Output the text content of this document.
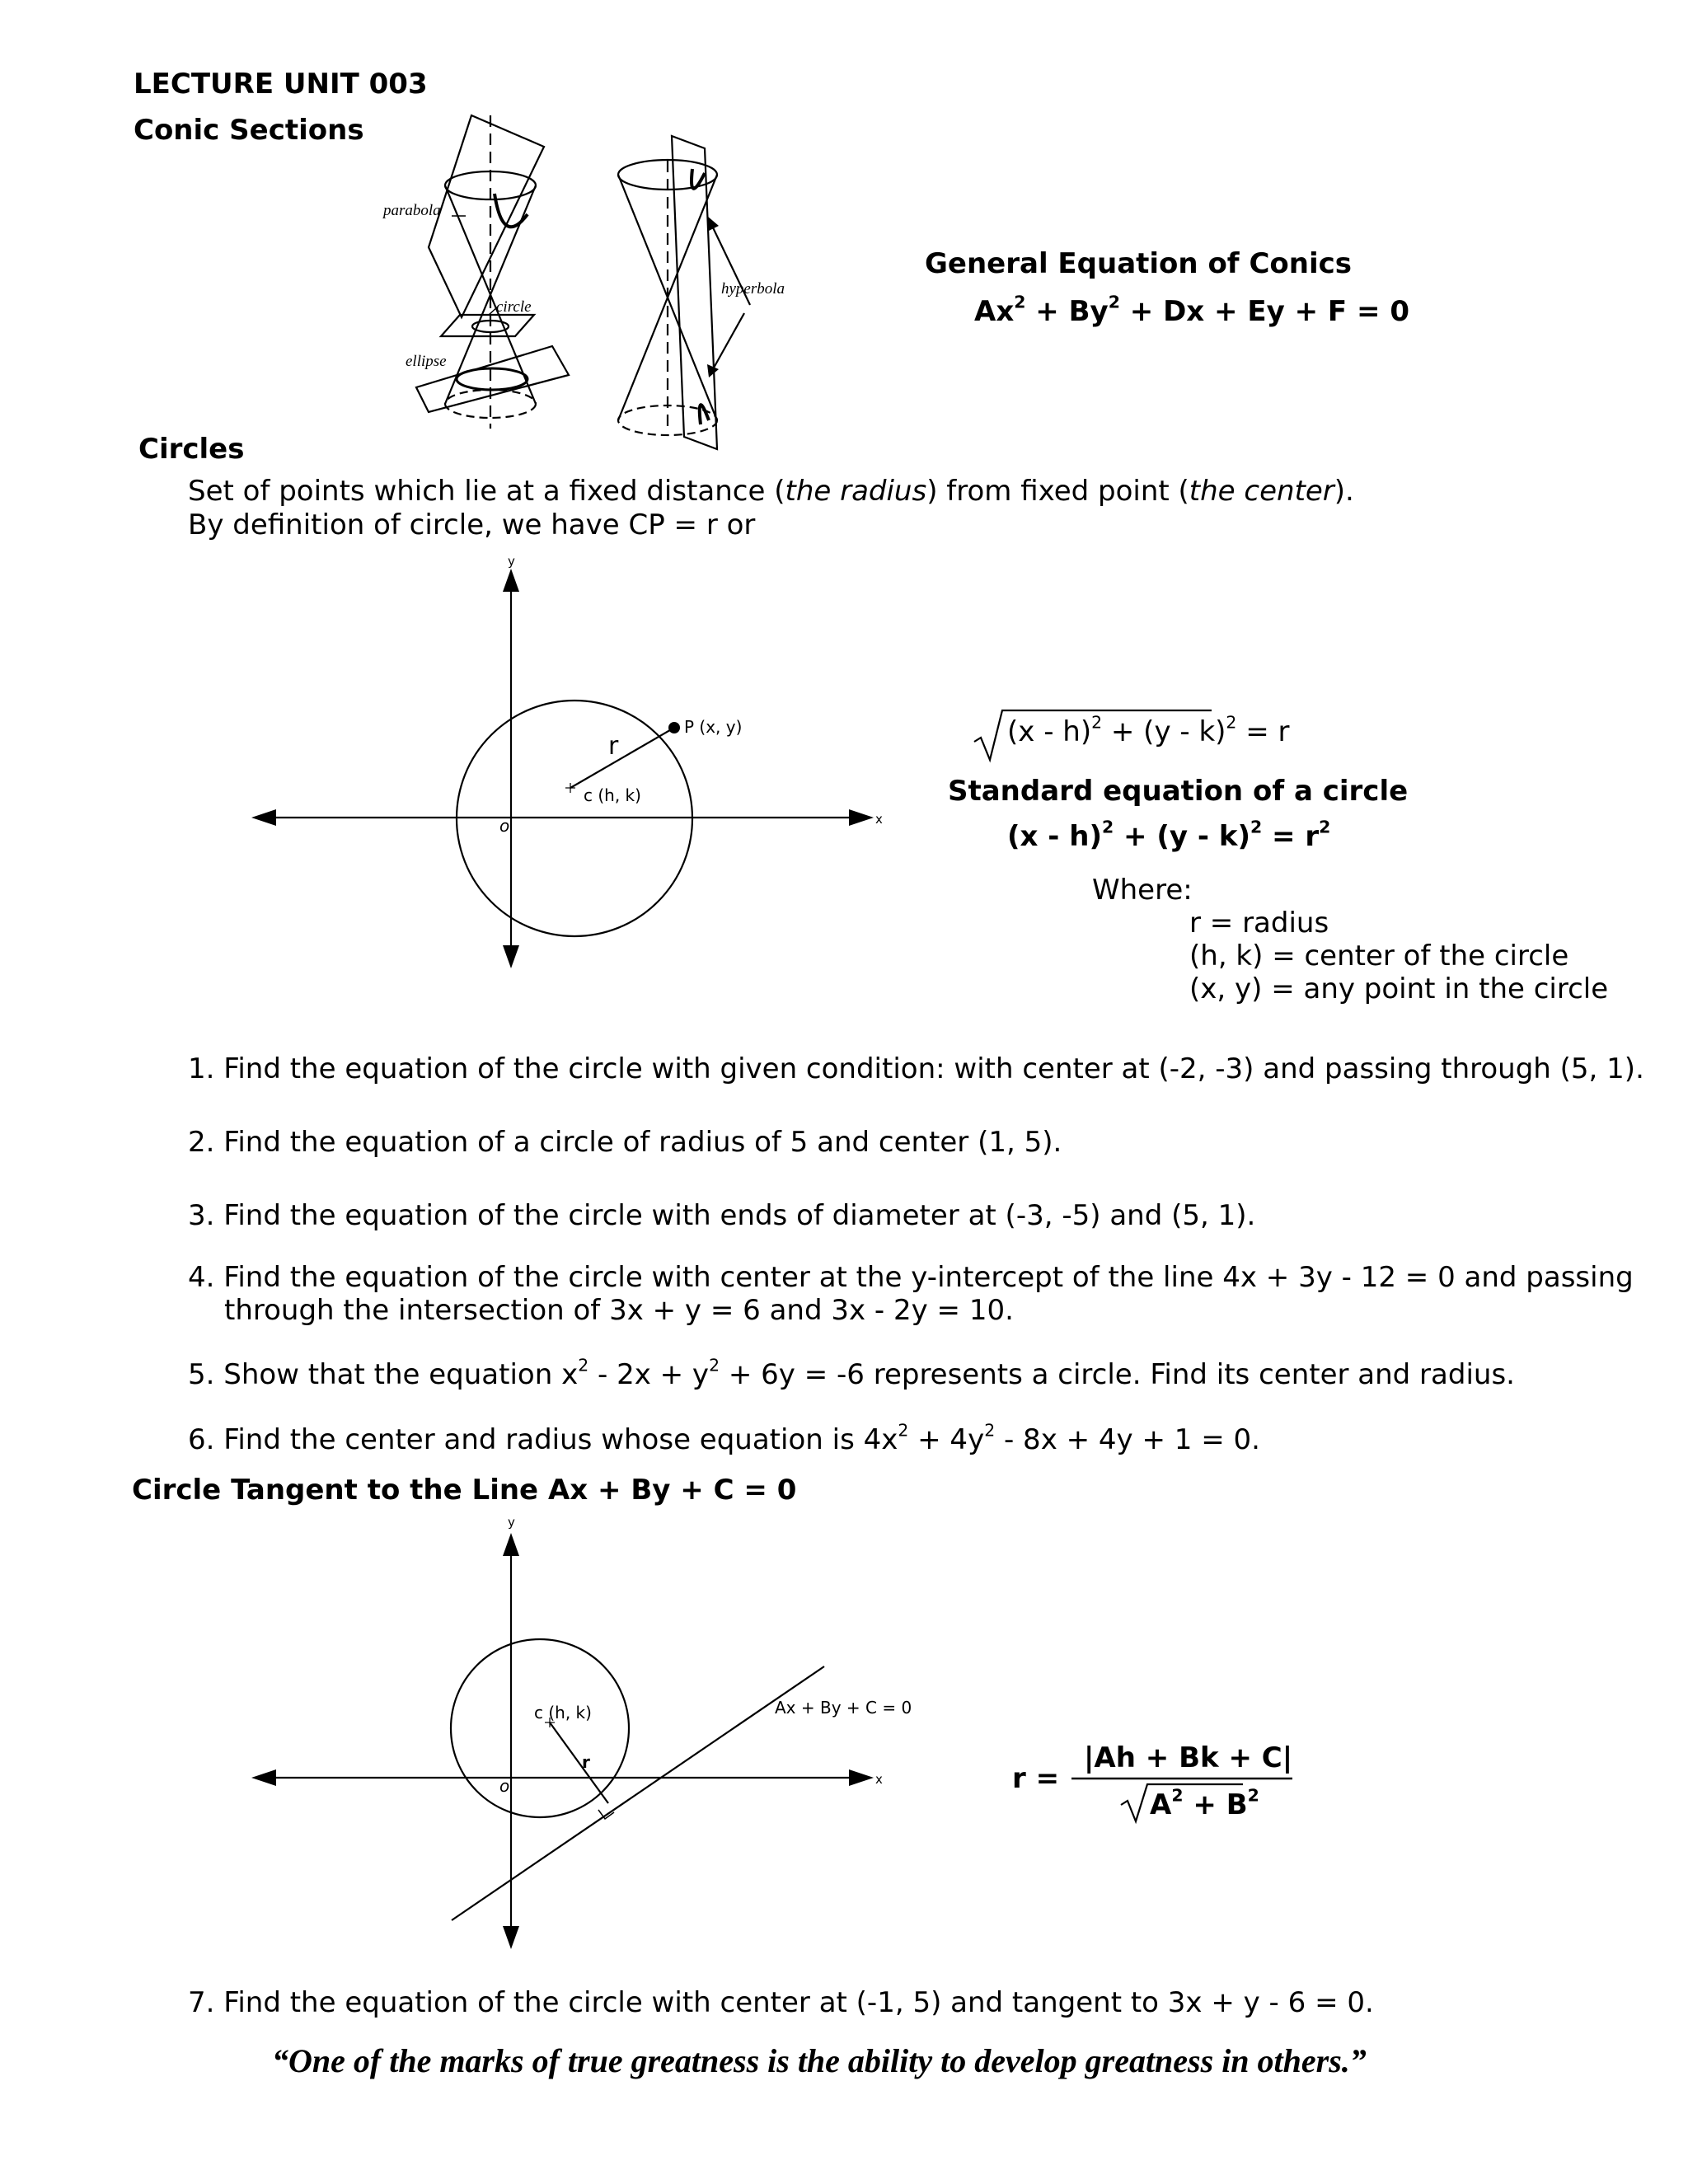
LECTURE UNIT 003
Conic Sections
parabola
circle
ellipse
hyperbola
General Equation of Conics
$Ax^2 + By^2 + Dx + Ey + F = 0$
Circles
Set of points which lie at a fixed distance (the radius) from fixed point (the center).
By definition of circle, we have CP = r or
y
x
o
P (x, y)
c (h, k)
r	(x - h)$^2$ + (y - k)$^2$ = r
Standard equation of a circle
$(x - h)^2 + (y - k)^2 = r^2$
Where:
r = radius
(h, k) = center of the circle
(x, y) = any point in the circle
1. Find the equation of the circle with given condition: with center at (-2, -3) and passing through (5, 1).
2. Find the equation of a circle of radius of 5 and center (1, 5).
3. Find the equation of the circle with ends of diameter at (-3, -5) and (5, 1).
4. Find the equation of the circle with center at the y-intercept of the line 4x + 3y - 12 = 0 and passing
through the intersection of 3x + y = 6 and 3x - 2y = 10.
5. Show that the equation $x^2 - 2x + y^2 + 6y = -6$ represents a circle. Find its center and radius.
6. Find the center and radius whose equation is $4x^2 + 4y^2 - 8x + 4y + 1 = 0$.
Circle Tangent to the Line Ax + By + C = 0
y
x
o
c (h, k)
r
Ax + By + C = 0
r =
|Ah + Bk + C|
$A^2 + B^2$
7. Find the equation of the circle with center at (-1, 5) and tangent to 3x + y - 6 = 0.
“One of the marks of true greatness is the ability to develop greatness in others.”
